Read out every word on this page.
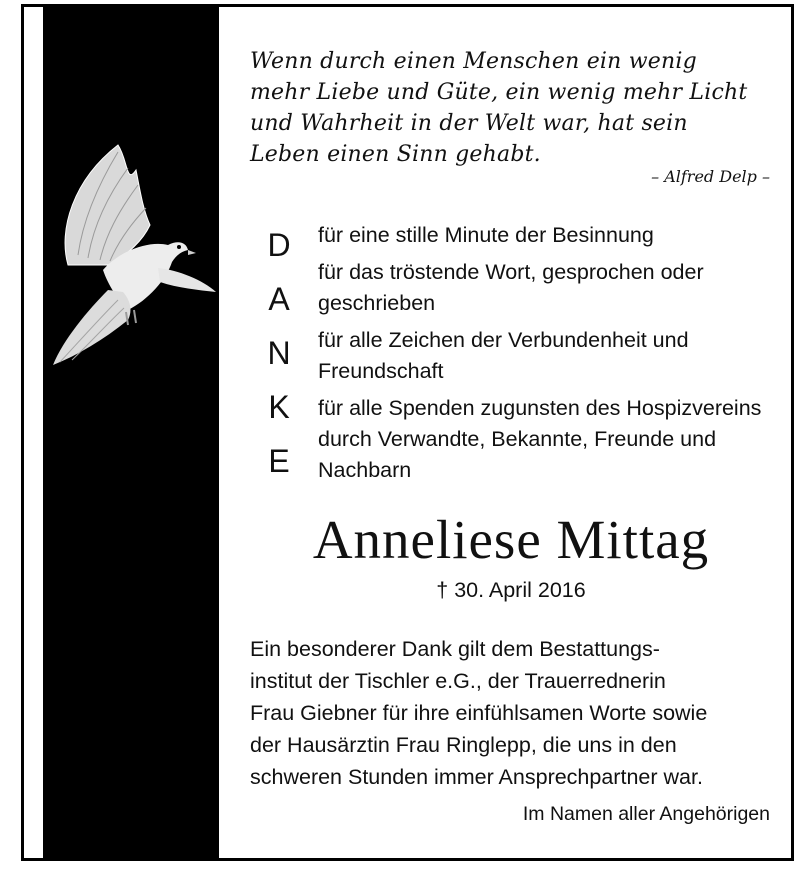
Wenn durch einen Menschen ein wenig
mehr Liebe und Güte, ein wenig mehr Licht
und Wahrheit in der Welt war, hat sein
Leben einen Sinn gehabt.
– Alfred Delp –
D
A
N
K
E
für eine stille Minute der Besinnung
für das tröstende Wort, gesprochen oder geschrieben
für alle Zeichen der Verbundenheit und Freundschaft
für alle Spenden zugunsten des Hospizvereins durch Verwandte, Bekannte, Freunde und Nachbarn
Anneliese Mittag
† 30. April 2016
Ein besonderer Dank gilt dem Bestattungs-
institut der Tischler e.G., der Trauerrednerin
Frau Giebner für ihre einfühlsamen Worte sowie
der Hausärztin Frau Ringlepp, die uns in den
schweren Stunden immer Ansprechpartner war.
Im Namen aller Angehörigen
